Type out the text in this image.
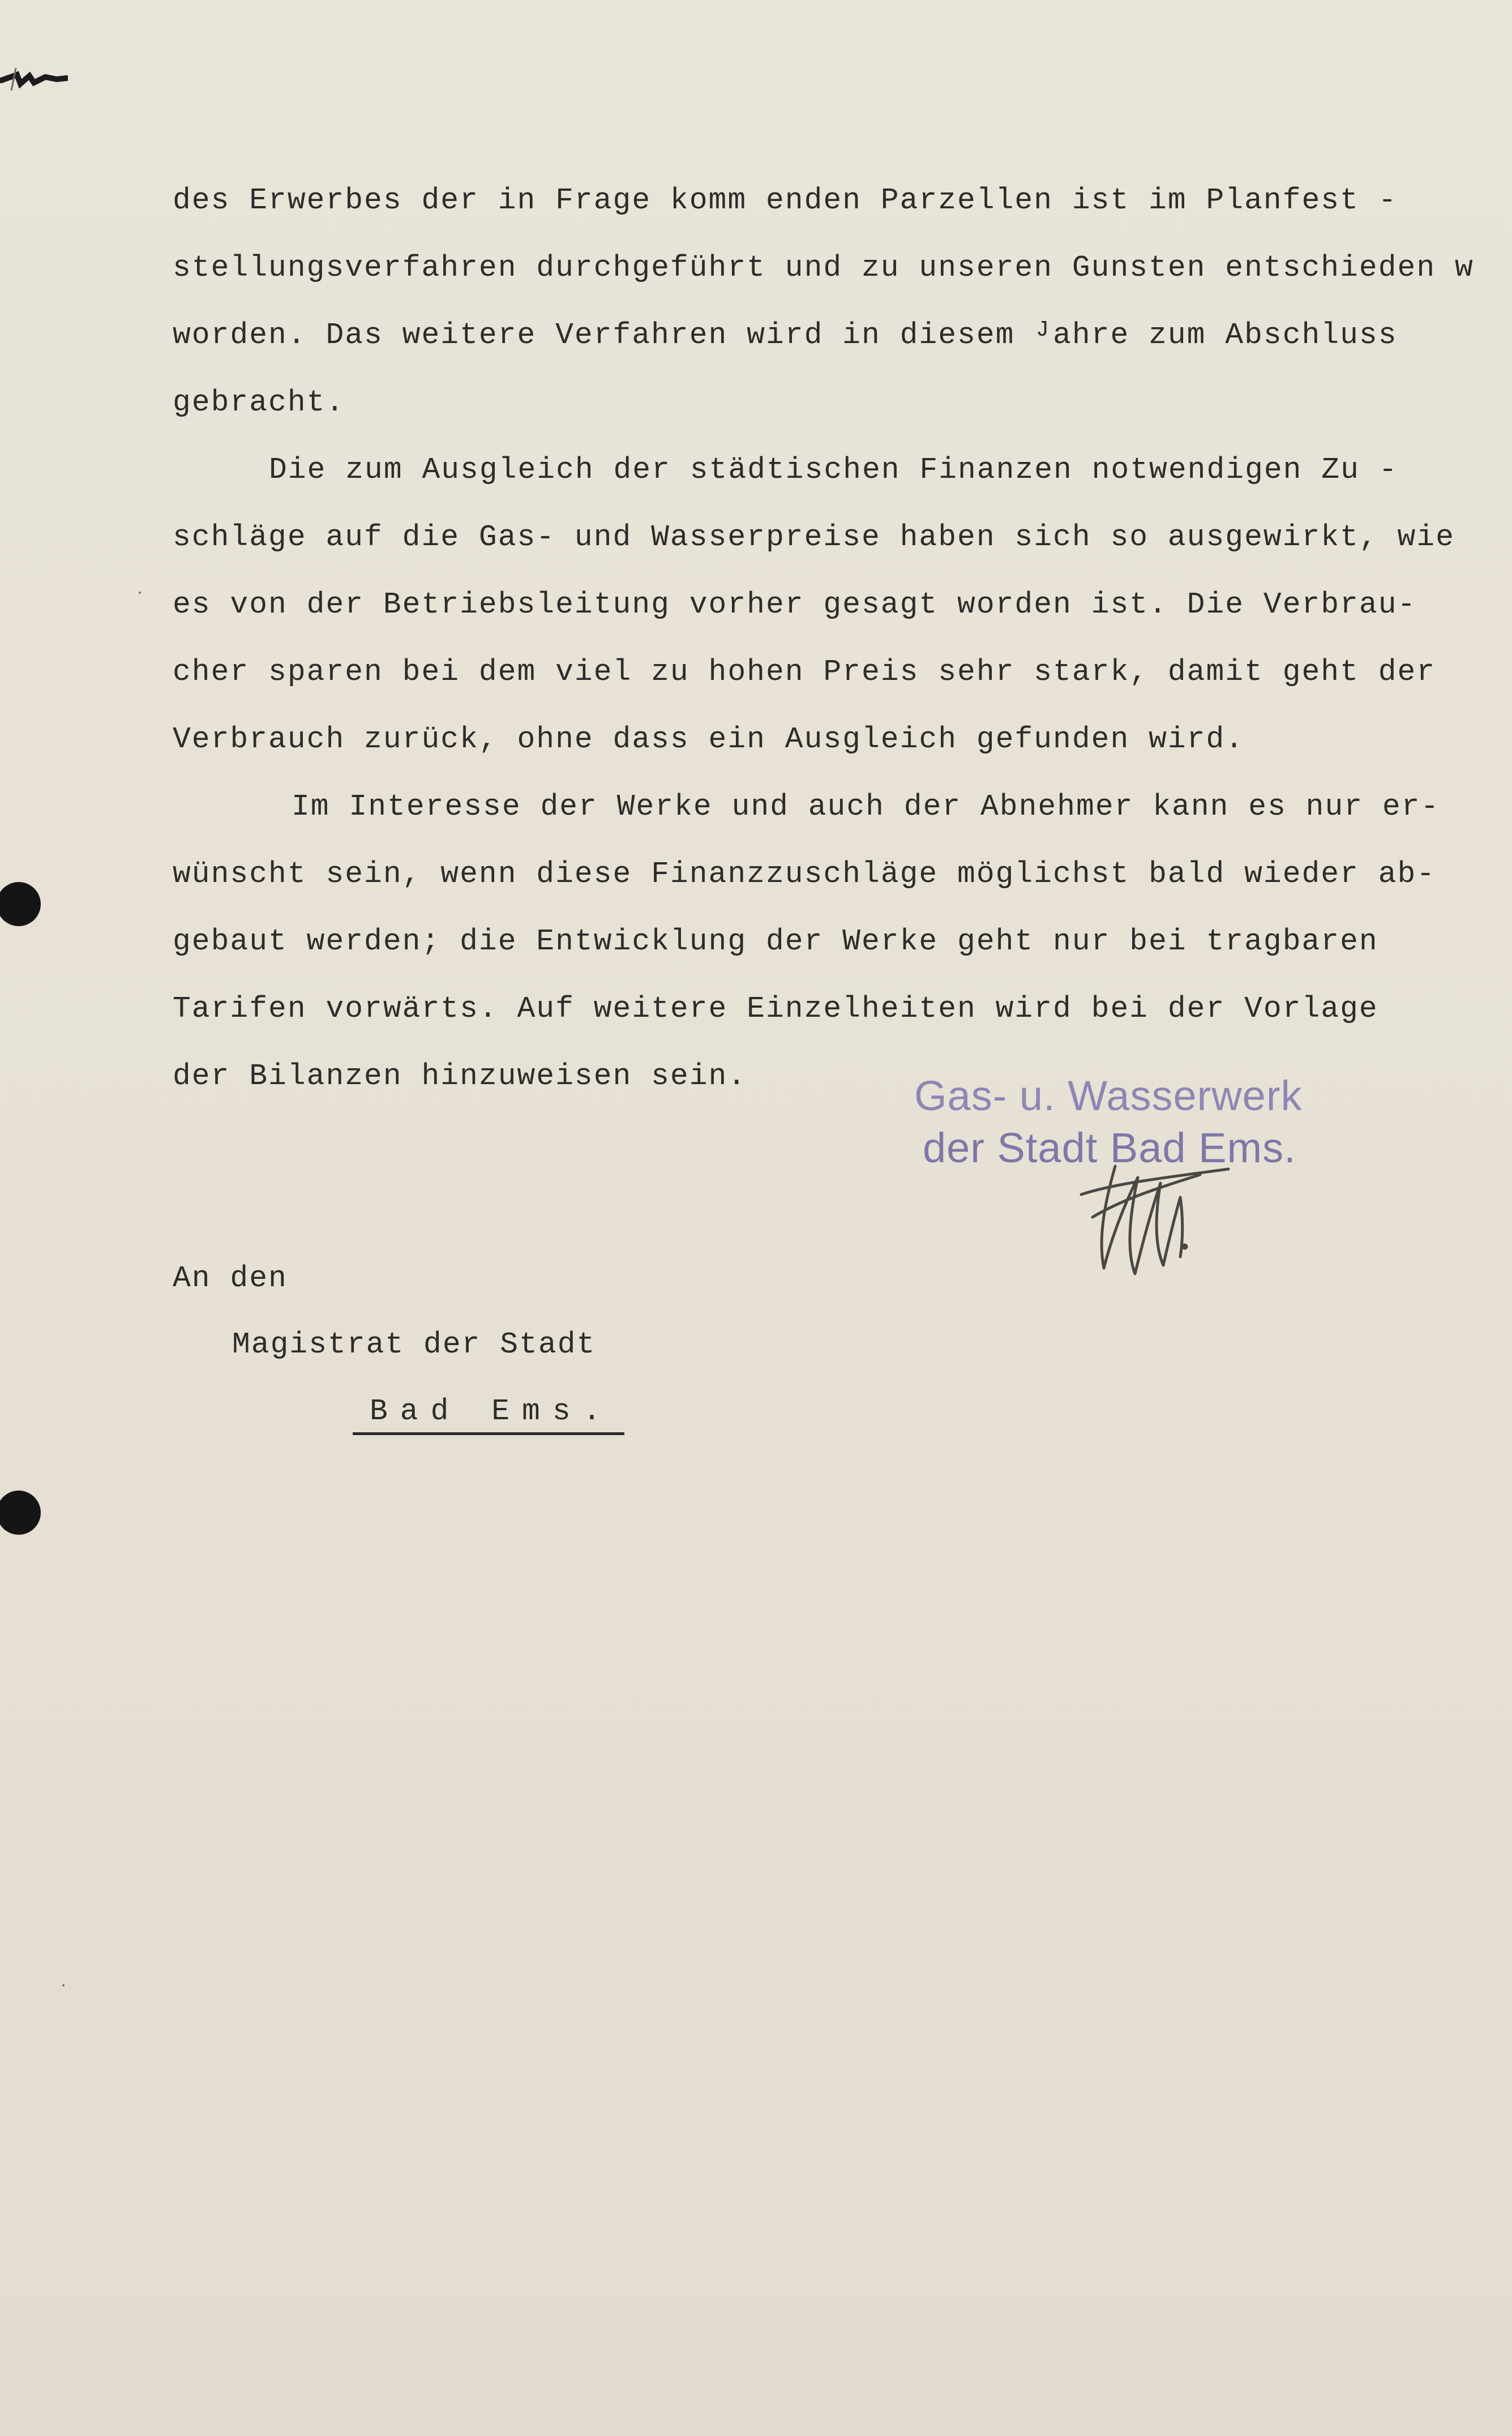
des Erwerbes der in Frage komm enden Parzellen ist im Planfest -

stellungsverfahren durchgeführt und zu unseren Gunsten entschieden w

worden. Das weitere Verfahren wird in diesem ᴶahre zum Abschluss

gebracht.

Die zum Ausgleich der städtischen Finanzen notwendigen Zu -

schläge auf die Gas- und Wasserpreise haben sich so ausgewirkt, wie

es von der Betriebsleitung vorher gesagt worden ist. Die Verbrau-

cher sparen bei dem viel zu hohen Preis sehr stark, damit geht der

Verbrauch zurück, ohne dass ein Ausgleich gefunden wird.

Im Interesse der Werke und auch der Abnehmer kann es nur er-

wünscht sein, wenn diese Finanzzuschläge möglichst bald wieder ab-

gebaut werden; die Entwicklung der Werke geht nur bei tragbaren

Tarifen vorwärts. Auf weitere Einzelheiten wird bei der Vorlage

der Bilanzen hinzuweisen sein.	Gas- u. Wasserwerk
der Stadt Bad Ems.
An den
Magistrat der Stadt
Bad Ems.
